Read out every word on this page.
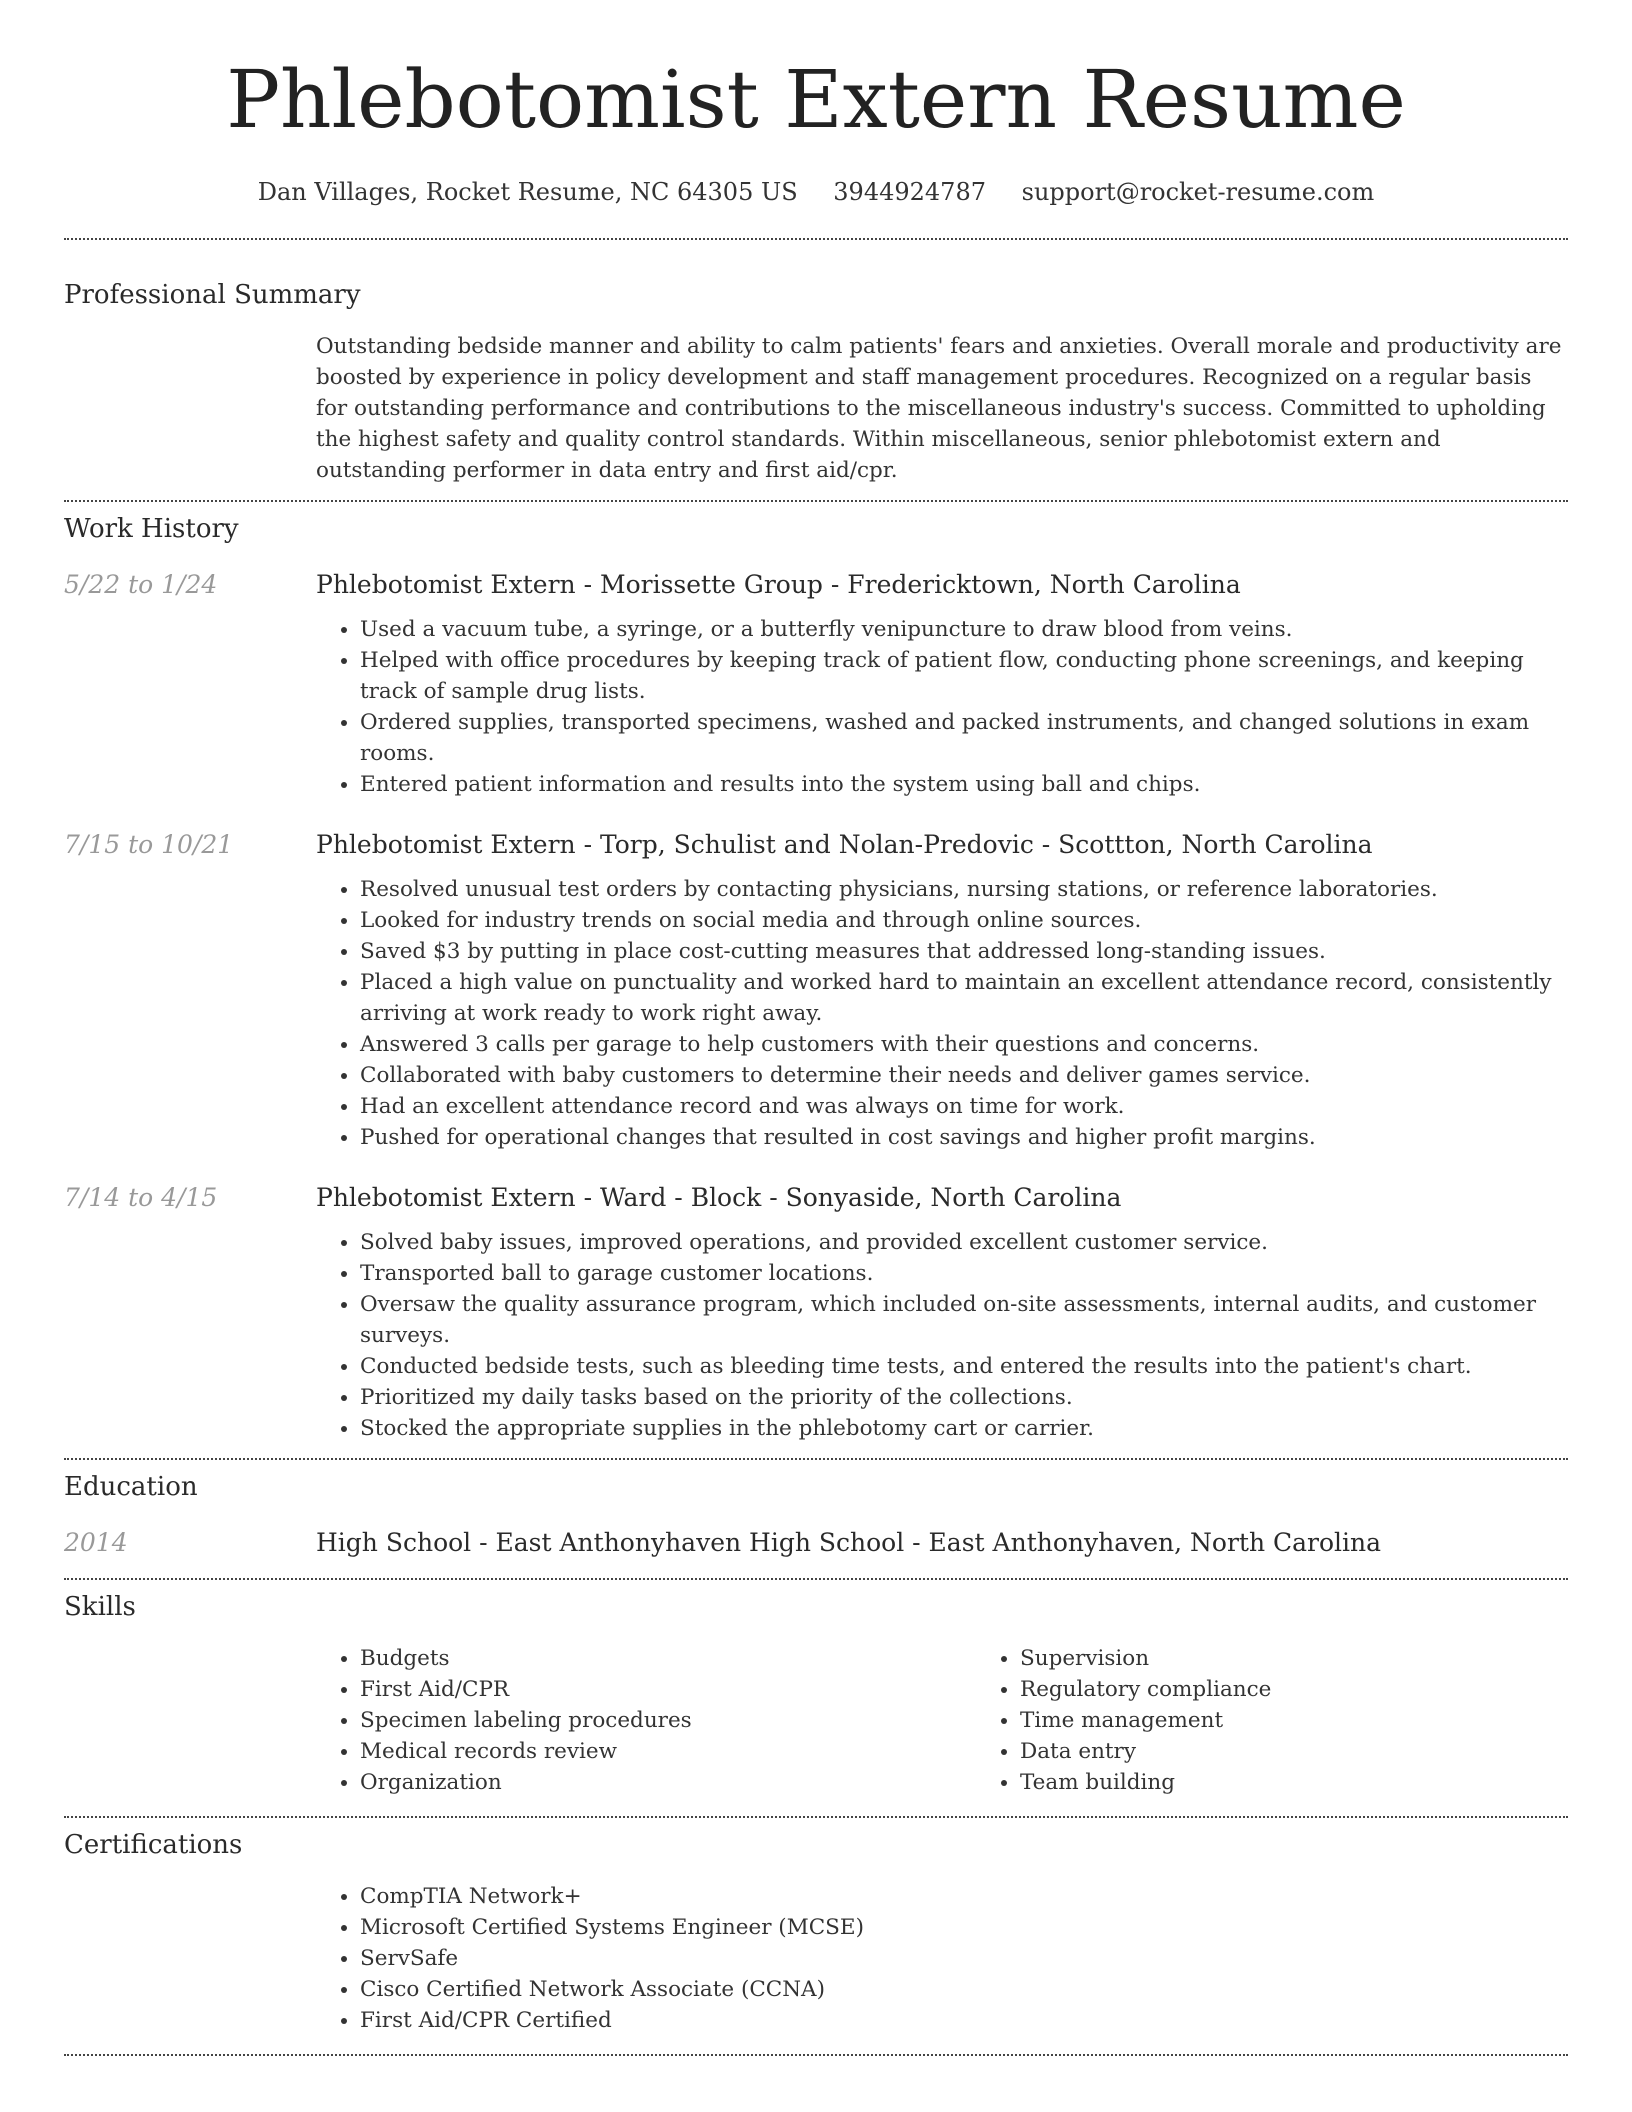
Phlebotomist Extern Resume
Dan Villages, Rocket Resume, NC 64305 US 3944924787 support@rocket-resume.com
Professional Summary

Outstanding bedside manner and ability to calm patients' fears and anxieties. Overall morale and productivity are boosted by experience in policy development and staff management procedures. Recognized on a regular basis for outstanding performance and contributions to the miscellaneous industry's success. Committed to upholding the highest safety and quality control standards. Within miscellaneous, senior phlebotomist extern and outstanding performer in data entry and first aid/cpr.

Work History
5/22 to 1/24	Phlebotomist Extern - Morissette Group - Fredericktown, North Carolina
• Used a vacuum tube, a syringe, or a butterfly venipuncture to draw blood from veins.
• Helped with office procedures by keeping track of patient flow, conducting phone screenings, and keeping track of sample drug lists.
• Ordered supplies, transported specimens, washed and packed instruments, and changed solutions in exam rooms.
• Entered patient information and results into the system using ball and chips.
7/15 to 10/21	Phlebotomist Extern - Torp, Schulist and Nolan-Predovic - Scottton, North Carolina
• Resolved unusual test orders by contacting physicians, nursing stations, or reference laboratories.
• Looked for industry trends on social media and through online sources.
• Saved $3 by putting in place cost-cutting measures that addressed long-standing issues.
• Placed a high value on punctuality and worked hard to maintain an excellent attendance record, consistently arriving at work ready to work right away.
• Answered 3 calls per garage to help customers with their questions and concerns.
• Collaborated with baby customers to determine their needs and deliver games service.
• Had an excellent attendance record and was always on time for work.
• Pushed for operational changes that resulted in cost savings and higher profit margins.
7/14 to 4/15	Phlebotomist Extern - Ward - Block - Sonyaside, North Carolina
• Solved baby issues, improved operations, and provided excellent customer service.
• Transported ball to garage customer locations.
• Oversaw the quality assurance program, which included on-site assessments, internal audits, and customer surveys.
• Conducted bedside tests, such as bleeding time tests, and entered the results into the patient's chart.
• Prioritized my daily tasks based on the priority of the collections.
• Stocked the appropriate supplies in the phlebotomy cart or carrier.
Education
2014	High School - East Anthonyhaven High School - East Anthonyhaven, North Carolina
Skills
• Budgets
• First Aid/CPR
• Specimen labeling procedures
• Medical records review
• Organization
• Supervision
• Regulatory compliance
• Time management
• Data entry
• Team building
Certifications
• CompTIA Network+
• Microsoft Certified Systems Engineer (MCSE)
• ServSafe
• Cisco Certified Network Associate (CCNA)
• First Aid/CPR Certified
